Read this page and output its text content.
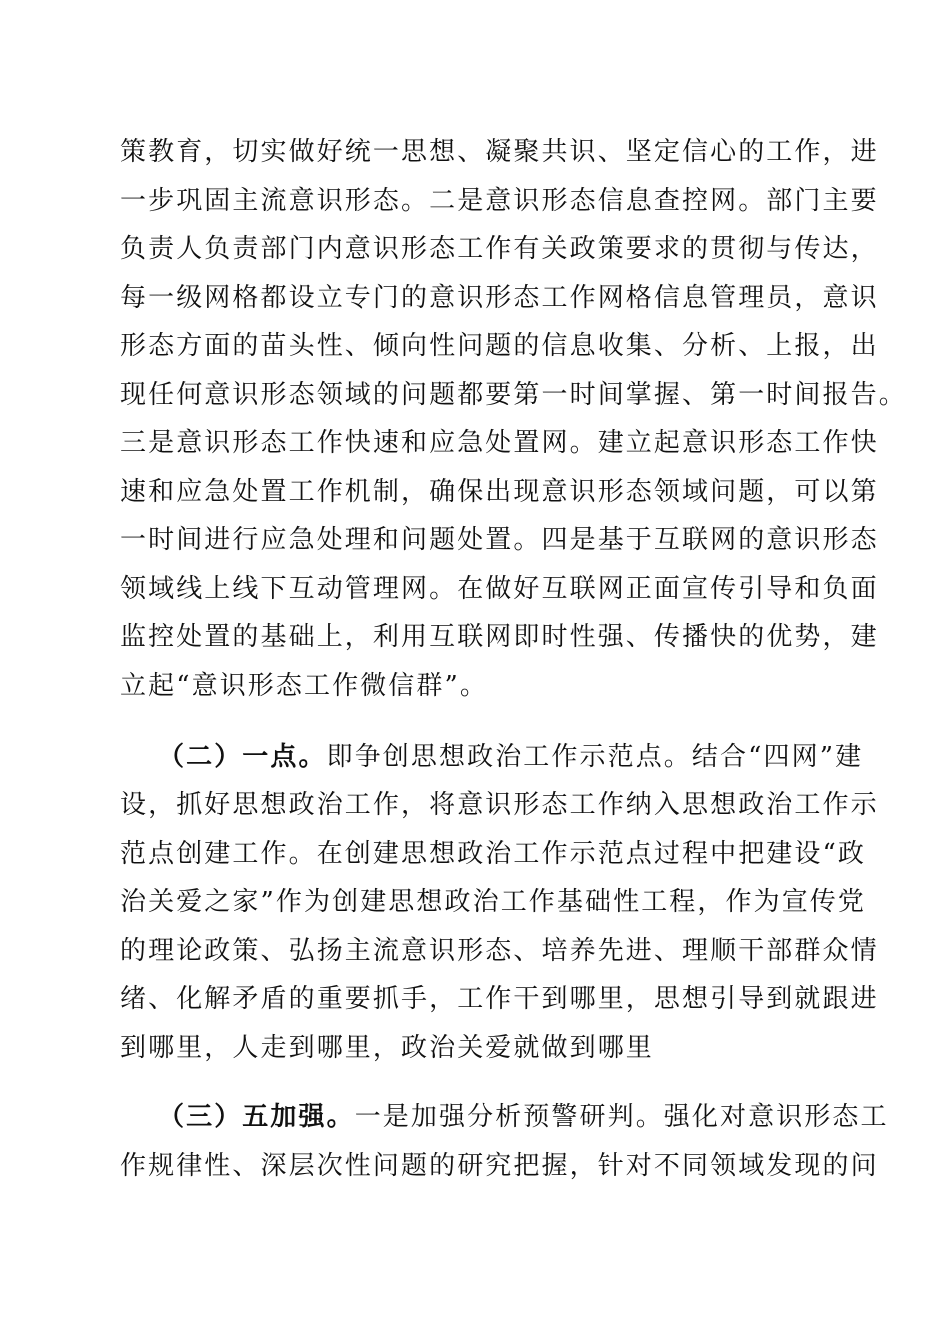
策教育，切实做好统一思想、凝聚共识、坚定信心的工作，进
一步巩固主流意识形态。二是意识形态信息查控网。部门主要
负责人负责部门内意识形态工作有关政策要求的贯彻与传达，
每一级网格都设立专门的意识形态工作网格信息管理员，意识
形态方面的苗头性、倾向性问题的信息收集、分析、上报，出
现任何意识形态领域的问题都要第一时间掌握、第一时间报告。
三是意识形态工作快速和应急处置网。建立起意识形态工作快
速和应急处置工作机制，确保出现意识形态领域问题，可以第
一时间进行应急处理和问题处置。四是基于互联网的意识形态
领域线上线下互动管理网。在做好互联网正面宣传引导和负面
监控处置的基础上，利用互联网即时性强、传播快的优势，建
立起“意识形态工作微信群”。
（二）一点。即争创思想政治工作示范点。结合“四网”建
设，抓好思想政治工作，将意识形态工作纳入思想政治工作示
范点创建工作。在创建思想政治工作示范点过程中把建设“政
治关爱之家”作为创建思想政治工作基础性工程，作为宣传党
的理论政策、弘扬主流意识形态、培养先进、理顺干部群众情
绪、化解矛盾的重要抓手，工作干到哪里，思想引导到就跟进
到哪里，人走到哪里，政治关爱就做到哪里
（三）五加强。一是加强分析预警研判。强化对意识形态工
作规律性、深层次性问题的研究把握，针对不同领域发现的问
